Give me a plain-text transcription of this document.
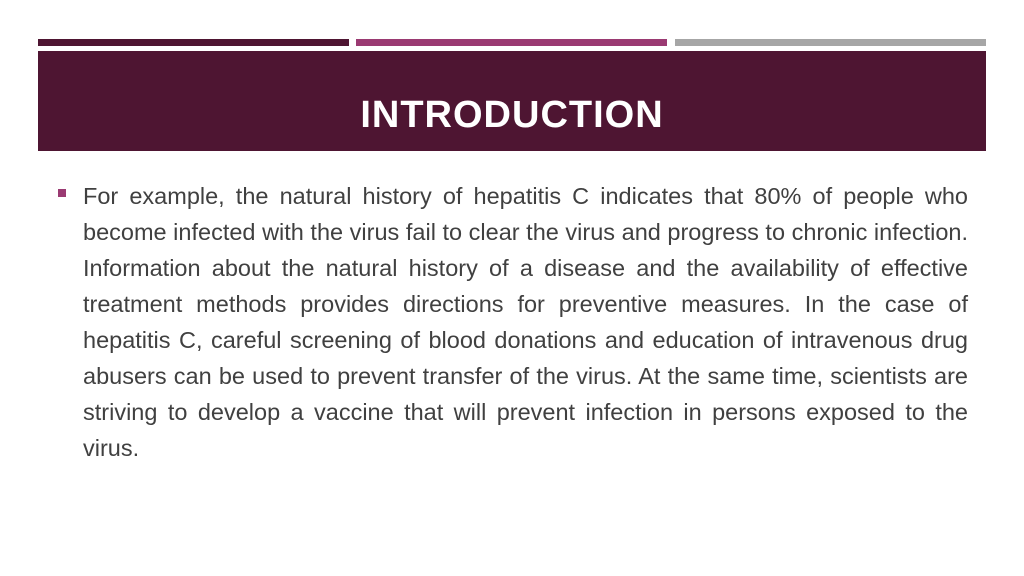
INTRODUCTION

For example, the natural history of hepatitis C indicates that 80% of people who become infected with the virus fail to clear the virus and progress to chronic infection. Information about the natural history of a disease and the availability of effective treatment methods provides directions for preventive measures. In the case of hepatitis C, careful screening of blood donations and education of intravenous drug abusers can be used to prevent transfer of the virus. At the same time, scientists are striving to develop a vaccine that will prevent infection in persons exposed to the virus.
